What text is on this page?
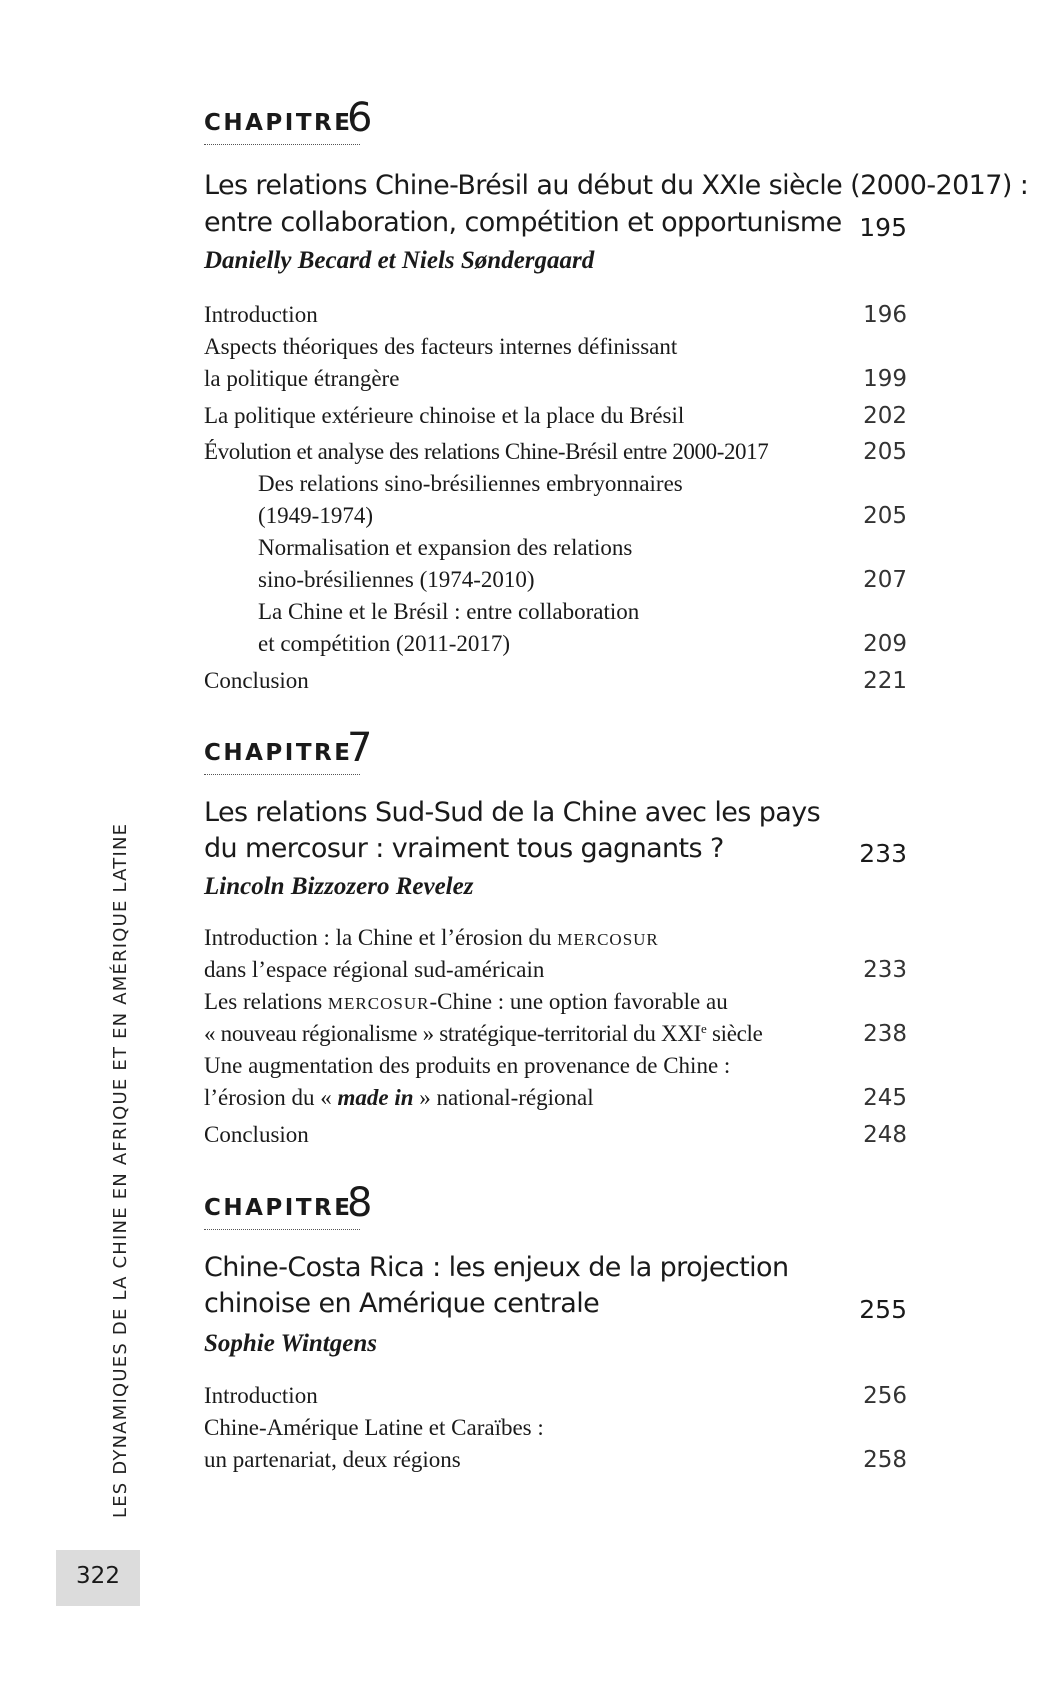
LES DYNAMIQUES DE LA CHINE EN AFRIQUE ET EN AMÉRIQUE LATINE
322
CHAPITRE
6
Les relations Chine-Brésil au début du XXIe siècle (2000-2017) :
entre collaboration, compétition et opportunisme 195
Danielly Becard et Niels Søndergaard
Introduction	196
Aspects théoriques des facteurs internes définissant
la politique étrangère	199
La politique extérieure chinoise et la place du Brésil	202
Évolution et analyse des relations Chine-Brésil entre 2000-2017	205
Des relations sino-brésiliennes embryonnaires
(1949-1974)	205
Normalisation et expansion des relations
sino-brésiliennes (1974-2010)	207
La Chine et le Brésil : entre collaboration
et compétition (2011-2017)	209
Conclusion	221
CHAPITRE
7
Les relations Sud-Sud de la Chine avec les pays
du mercosur : vraiment tous gagnants ?	233
Lincoln Bizzozero Revelez
Introduction : la Chine et l’érosion du MERCOSUR
dans l’espace régional sud-américain	233
Les relations MERCOSUR-Chine : une option favorable au
« nouveau régionalisme » stratégique-territorial du XXIe siècle	238
Une augmentation des produits en provenance de Chine :
l’érosion du « made in » national-régional	245
Conclusion	248
CHAPITRE
8
Chine-Costa Rica : les enjeux de la projection
chinoise en Amérique centrale	255
Sophie Wintgens
Introduction	256
Chine-Amérique Latine et Caraïbes :
un partenariat, deux régions	258
